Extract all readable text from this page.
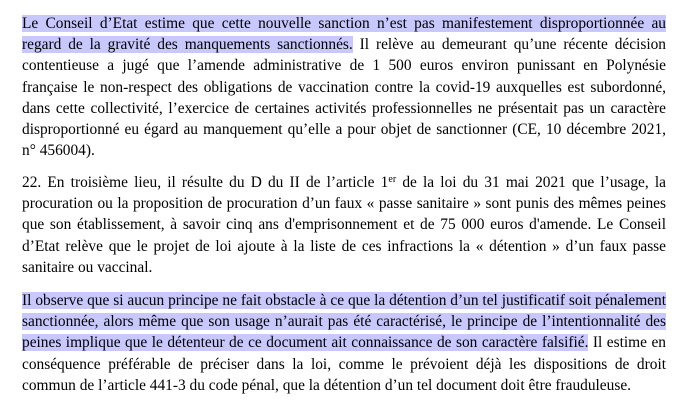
Le Conseil d’Etat estime que cette nouvelle sanction n’est pas manifestement disproportionnée au regard de la gravité des manquements sanctionnés. Il relève au demeurant qu’une récente décision contentieuse a jugé que l’amende administrative de 1 500 euros environ punissant en Polynésie française le non-respect des obligations de vaccination contre la covid-19 auxquelles est subordonné, dans cette collectivité, l’exercice de certaines activités professionnelles ne présentait pas un caractère disproportionné eu égard au manquement qu’elle a pour objet de sanctionner (CE, 10 décembre 2021, n° 456004).

22. En troisième lieu, il résulte du D du II de l’article 1er de la loi du 31 mai 2021 que l’usage, la procuration ou la proposition de procuration d’un faux « passe sanitaire » sont punis des mêmes peines que son établissement, à savoir cinq ans d'emprisonnement et de 75 000 euros d'amende. Le Conseil d’Etat relève que le projet de loi ajoute à la liste de ces infractions la « détention » d’un faux passe sanitaire ou vaccinal.

Il observe que si aucun principe ne fait obstacle à ce que la détention d’un tel justificatif soit pénalement sanctionnée, alors même que son usage n’aurait pas été caractérisé, le principe de l’intentionnalité des peines implique que le détenteur de ce document ait connaissance de son caractère falsifié. Il estime en conséquence préférable de préciser dans la loi, comme le prévoient déjà les dispositions de droit commun de l’article 441-3 du code pénal, que la détention d’un tel document doit être frauduleuse.
